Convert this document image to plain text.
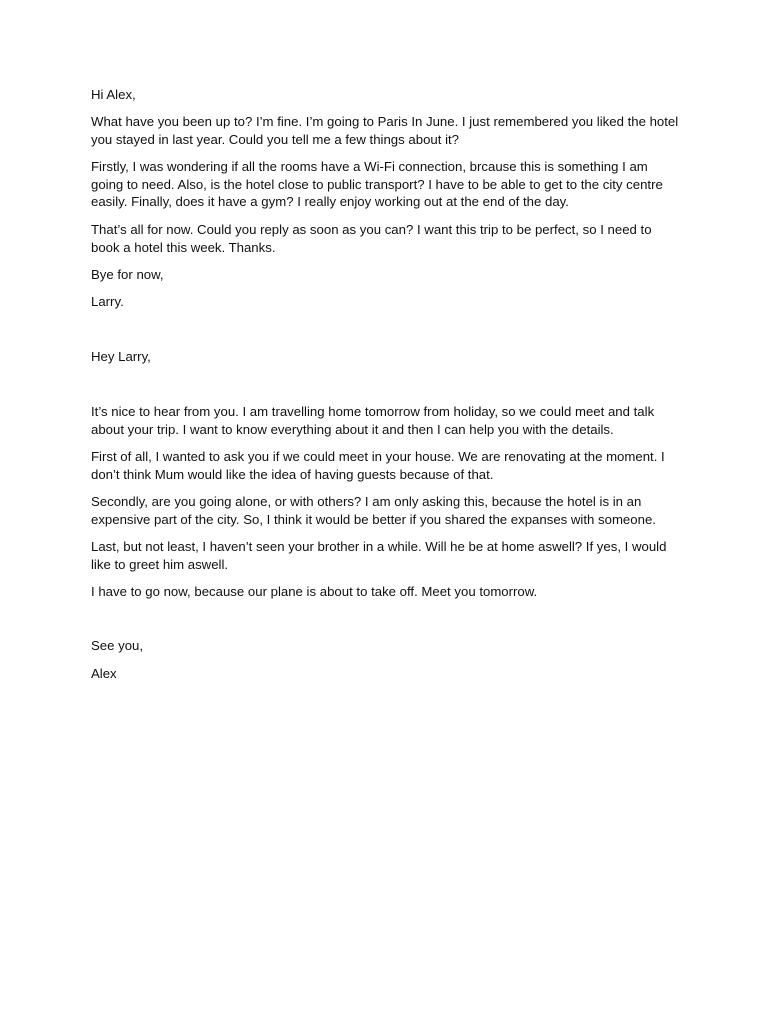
Hi Alex,

What have you been up to? I’m fine. I’m going to Paris In June. I just remembered you liked the hotel you stayed in last year. Could you tell me a few things about it?

Firstly, I was wondering if all the rooms have a Wi-Fi connection, brcause this is something I am going to need. Also, is the hotel close to public transport? I have to be able to get to the city centre easily. Finally, does it have a gym? I really enjoy working out at the end of the day.

That’s all for now. Could you reply as soon as you can? I want this trip to be perfect, so I need to book a hotel this week. Thanks.

Bye for now,

Larry.

Hey Larry,

It’s nice to hear from you. I am travelling home tomorrow from holiday, so we could meet and talk about your trip. I want to know everything about it and then I can help you with the details.

First of all, I wanted to ask you if we could meet in your house. We are renovating at the moment. I don’t think Mum would like the idea of having guests because of that.

Secondly, are you going alone, or with others? I am only asking this, because the hotel is in an expensive part of the city. So, I think it would be better if you shared the expanses with someone.

Last, but not least, I haven’t seen your brother in a while. Will he be at home aswell? If yes, I would like to greet him aswell.

I have to go now, because our plane is about to take off. Meet you tomorrow.

See you,

Alex
